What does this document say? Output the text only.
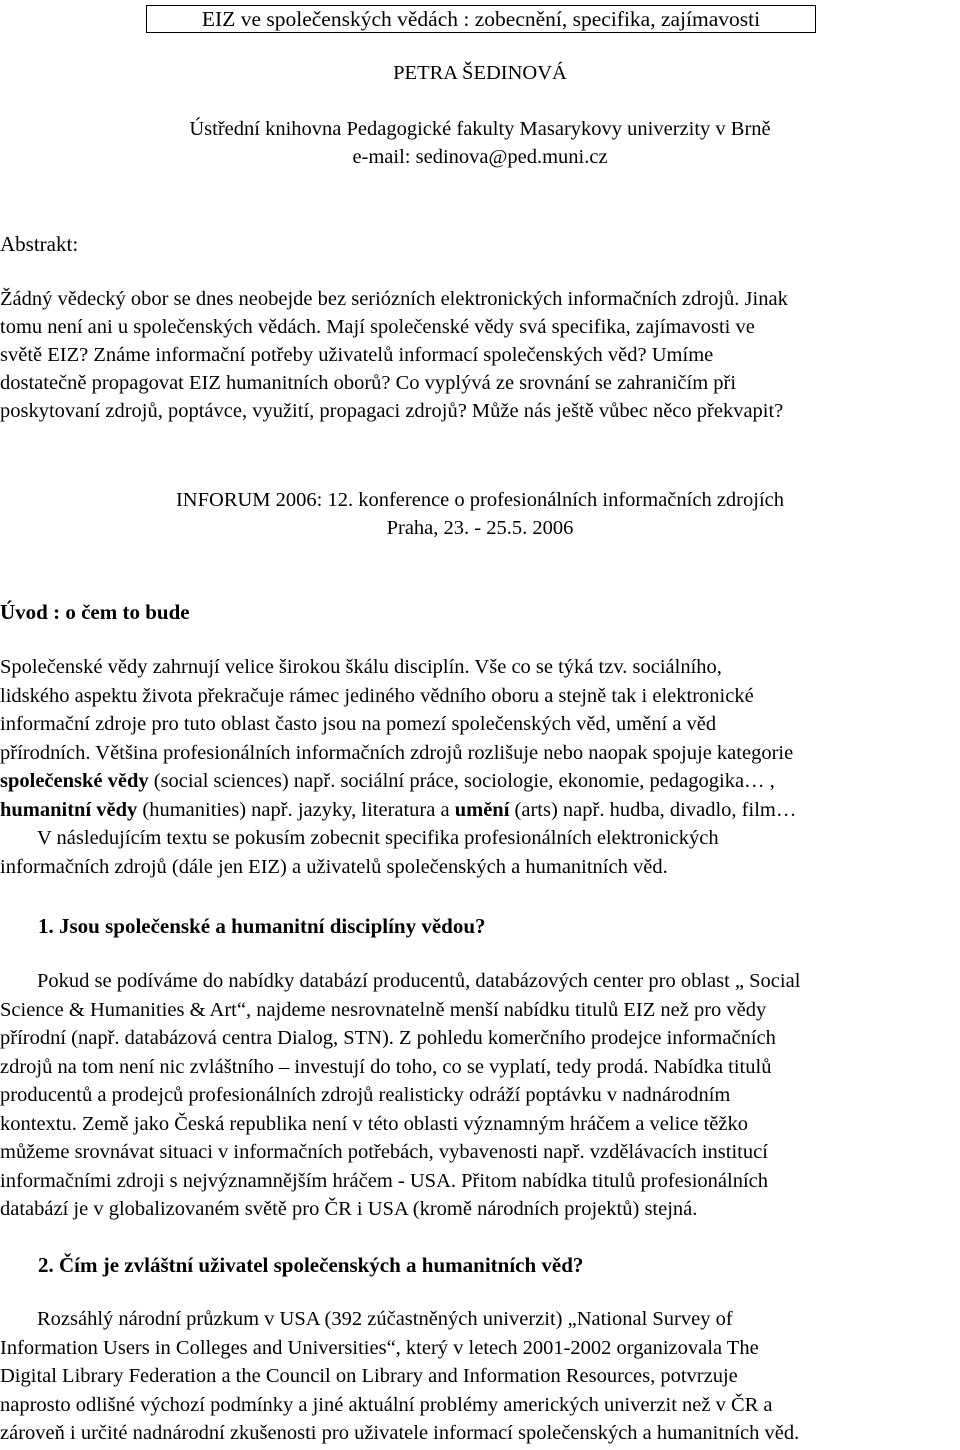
EIZ ve společenských vědách : zobecnění, specifika, zajímavosti
PETRA ŠEDINOVÁ
Ústřední knihovna Pedagogické fakulty Masarykovy univerzity v Brně
e-mail: sedinova@ped.muni.cz
Abstrakt:
Žádný vědecký obor se dnes neobejde bez seriózních elektronických informačních zdrojů. Jinak
tomu není ani u společenských vědách. Mají společenské vědy svá specifika, zajímavosti ve
světě EIZ? Známe informační potřeby uživatelů informací společenských věd? Umíme
dostatečně propagovat EIZ humanitních oborů? Co vyplývá ze srovnání se zahraničím při
poskytovaní zdrojů, poptávce, využití, propagaci zdrojů? Může nás ještě vůbec něco překvapit?
INFORUM 2006: 12. konference o profesionálních informačních zdrojích
Praha, 23. - 25.5. 2006
Úvod : o čem to bude
Společenské vědy zahrnují velice širokou škálu disciplín. Vše co se týká tzv. sociálního,
lidského aspektu života překračuje rámec jediného vědního oboru a stejně tak i elektronické
informační zdroje pro tuto oblast často jsou na pomezí společenských věd, umění a věd
přírodních. Většina profesionálních informačních zdrojů rozlišuje nebo naopak spojuje kategorie
společenské vědy (social sciences) např. sociální práce, sociologie, ekonomie, pedagogika… ,
humanitní vědy (humanities) např. jazyky, literatura a umění (arts) např. hudba, divadlo, film…
V následujícím textu se pokusím zobecnit specifika profesionálních elektronických
informačních zdrojů (dále jen EIZ) a uživatelů společenských a humanitních věd.
1. Jsou společenské a humanitní disciplíny vědou?
Pokud se podíváme do nabídky databází producentů, databázových center pro oblast „ Social
Science & Humanities & Art“, najdeme nesrovnatelně menší nabídku titulů EIZ než pro vědy
přírodní (např. databázová centra Dialog, STN). Z pohledu komerčního prodejce informačních
zdrojů na tom není nic zvláštního – investují do toho, co se vyplatí, tedy prodá. Nabídka titulů
producentů a prodejců profesionálních zdrojů realisticky odráží poptávku v nadnárodním
kontextu. Země jako Česká republika není v této oblasti významným hráčem a velice těžko
můžeme srovnávat situaci v informačních potřebách, vybavenosti např. vzdělávacích institucí
informačními zdroji s nejvýznamnějším hráčem - USA. Přitom nabídka titulů profesionálních
databází je v globalizovaném světě pro ČR i USA (kromě národních projektů) stejná.
2. Čím je zvláštní uživatel společenských a humanitních věd?
Rozsáhlý národní průzkum v USA (392 zúčastněných univerzit) „National Survey of
Information Users in Colleges and Universities“, který v letech 2001-2002 organizovala The
Digital Library Federation a the Council on Library and Information Resources, potvrzuje
naprosto odlišné výchozí podmínky a jiné aktuální problémy amerických univerzit než v ČR a
zároveň i určité nadnárodní zkušenosti pro uživatele informací společenských a humanitních věd.
